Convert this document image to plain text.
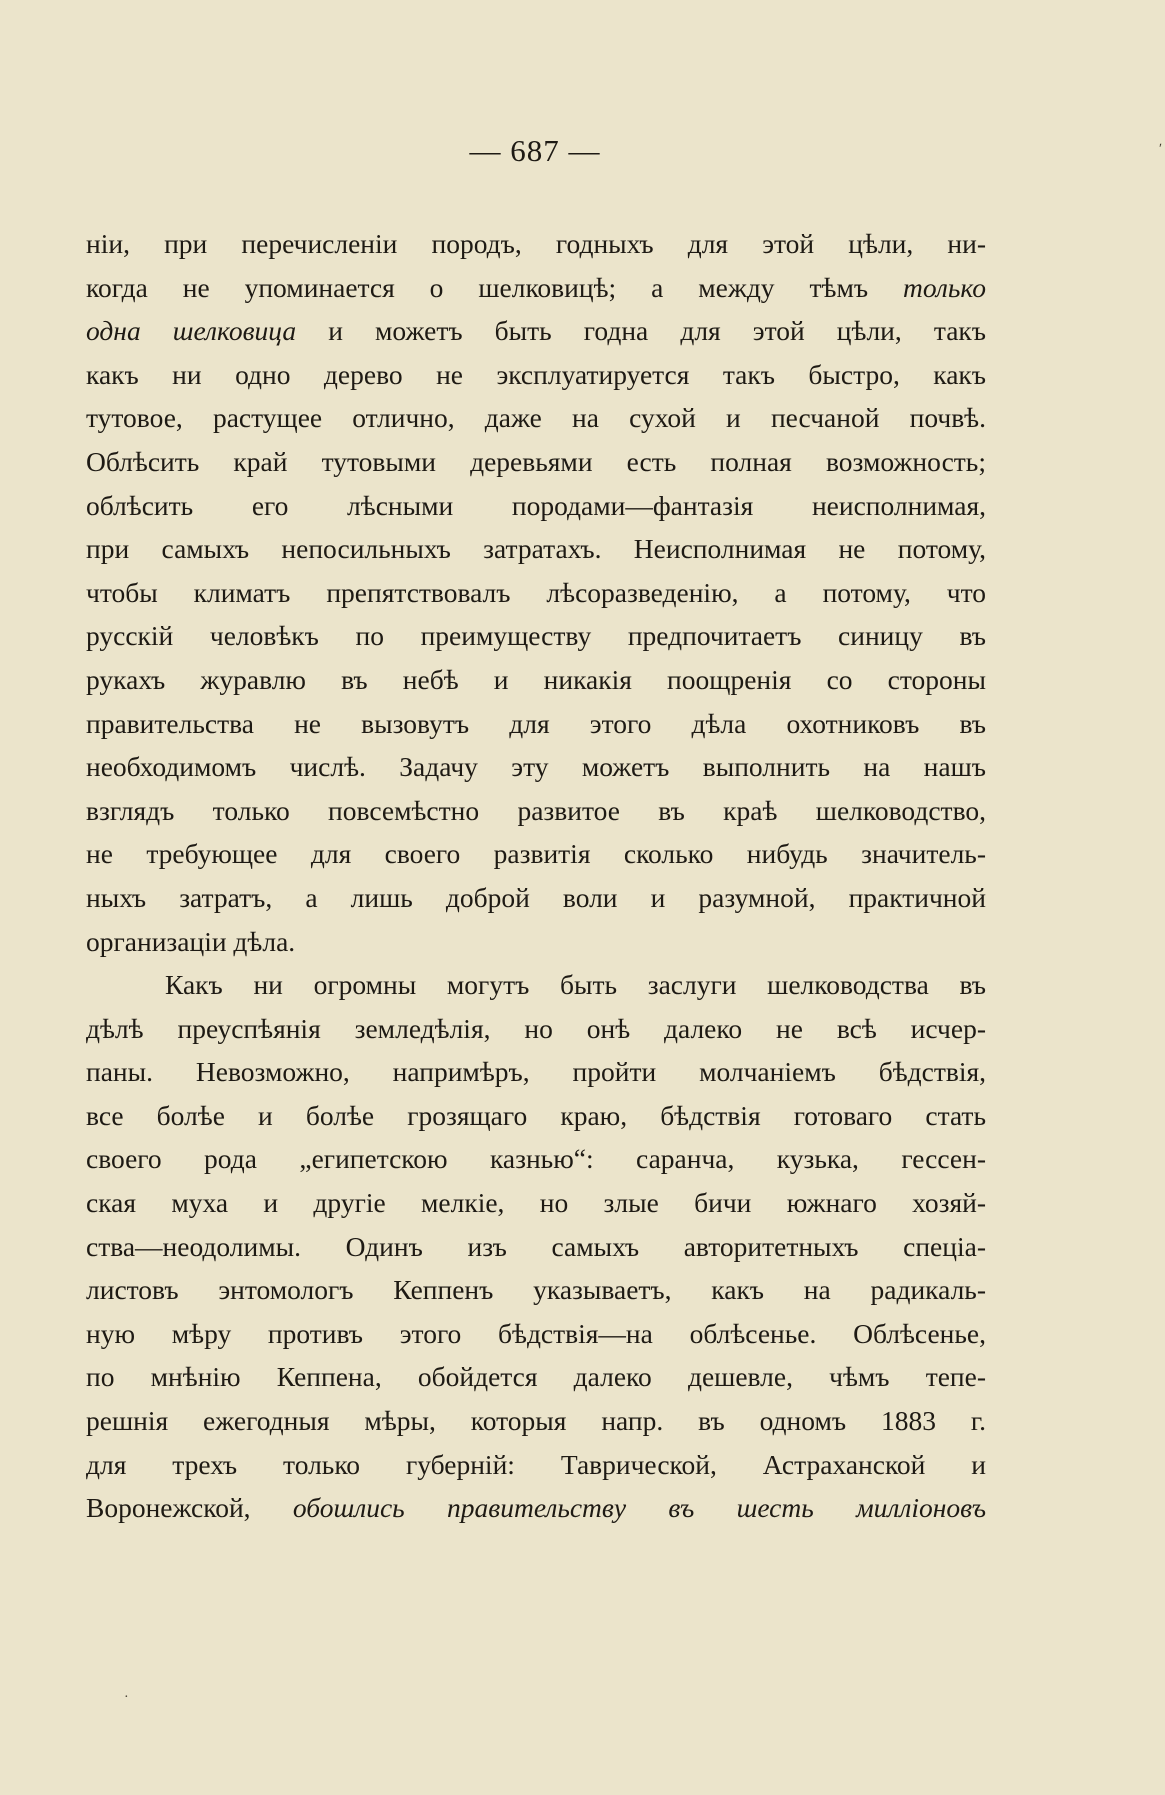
— 687 —
ніи, при перечисленіи породъ, годныхъ для этой цѣли, ни-
когда не упоминается о шелковицѣ; а между тѣмъ только
одна шелковица и можетъ быть годна для этой цѣли, такъ
какъ ни одно дерево не эксплуатируется такъ быстро, какъ
тутовое, растущее отлично, даже на сухой и песчаной почвѣ.
Облѣсить край тутовыми деревьями есть полная возможность;
облѣсить его лѣсными породами—фантазія неисполнимая,
при самыхъ непосильныхъ затратахъ. Неисполнимая не потому,
чтобы климатъ препятствовалъ лѣсоразведенію, а потому, что
русскій человѣкъ по преимуществу предпочитаетъ синицу въ
рукахъ журавлю въ небѣ и никакія поощренія со стороны
правительства не вызовутъ для этого дѣла охотниковъ въ
необходимомъ числѣ. Задачу эту можетъ выполнить на нашъ
взглядъ только повсемѣстно развитое въ краѣ шелководство,
не требующее для своего развитія сколько нибудь значитель-
ныхъ затратъ, а лишь доброй воли и разумной, практичной
организаціи дѣла.
Какъ ни огромны могутъ быть заслуги шелководства въ
дѣлѣ преуспѣянія земледѣлія, но онѣ далеко не всѣ исчер-
паны. Невозможно, напримѣръ, пройти молчаніемъ бѣдствія,
все болѣе и болѣе грозящаго краю, бѣдствія готоваго стать
своего рода „египетскою казнью“: саранча, кузька, гессен-
ская муха и другіе мелкіе, но злые бичи южнаго хозяй-
ства—неодолимы. Одинъ изъ самыхъ авторитетныхъ спеціа-
листовъ энтомологъ Кеппенъ указываетъ, какъ на радикаль-
ную мѣру противъ этого бѣдствія—на облѣсенье. Облѣсенье,
по мнѣнію Кеппена, обойдется далеко дешевле, чѣмъ тепе-
решнія ежегодныя мѣры, которыя напр. въ одномъ 1883 г.
для трехъ только губерній: Таврической, Астраханской и
Воронежской, обошлись правительству въ шесть милліоновъ
ʹ
·
